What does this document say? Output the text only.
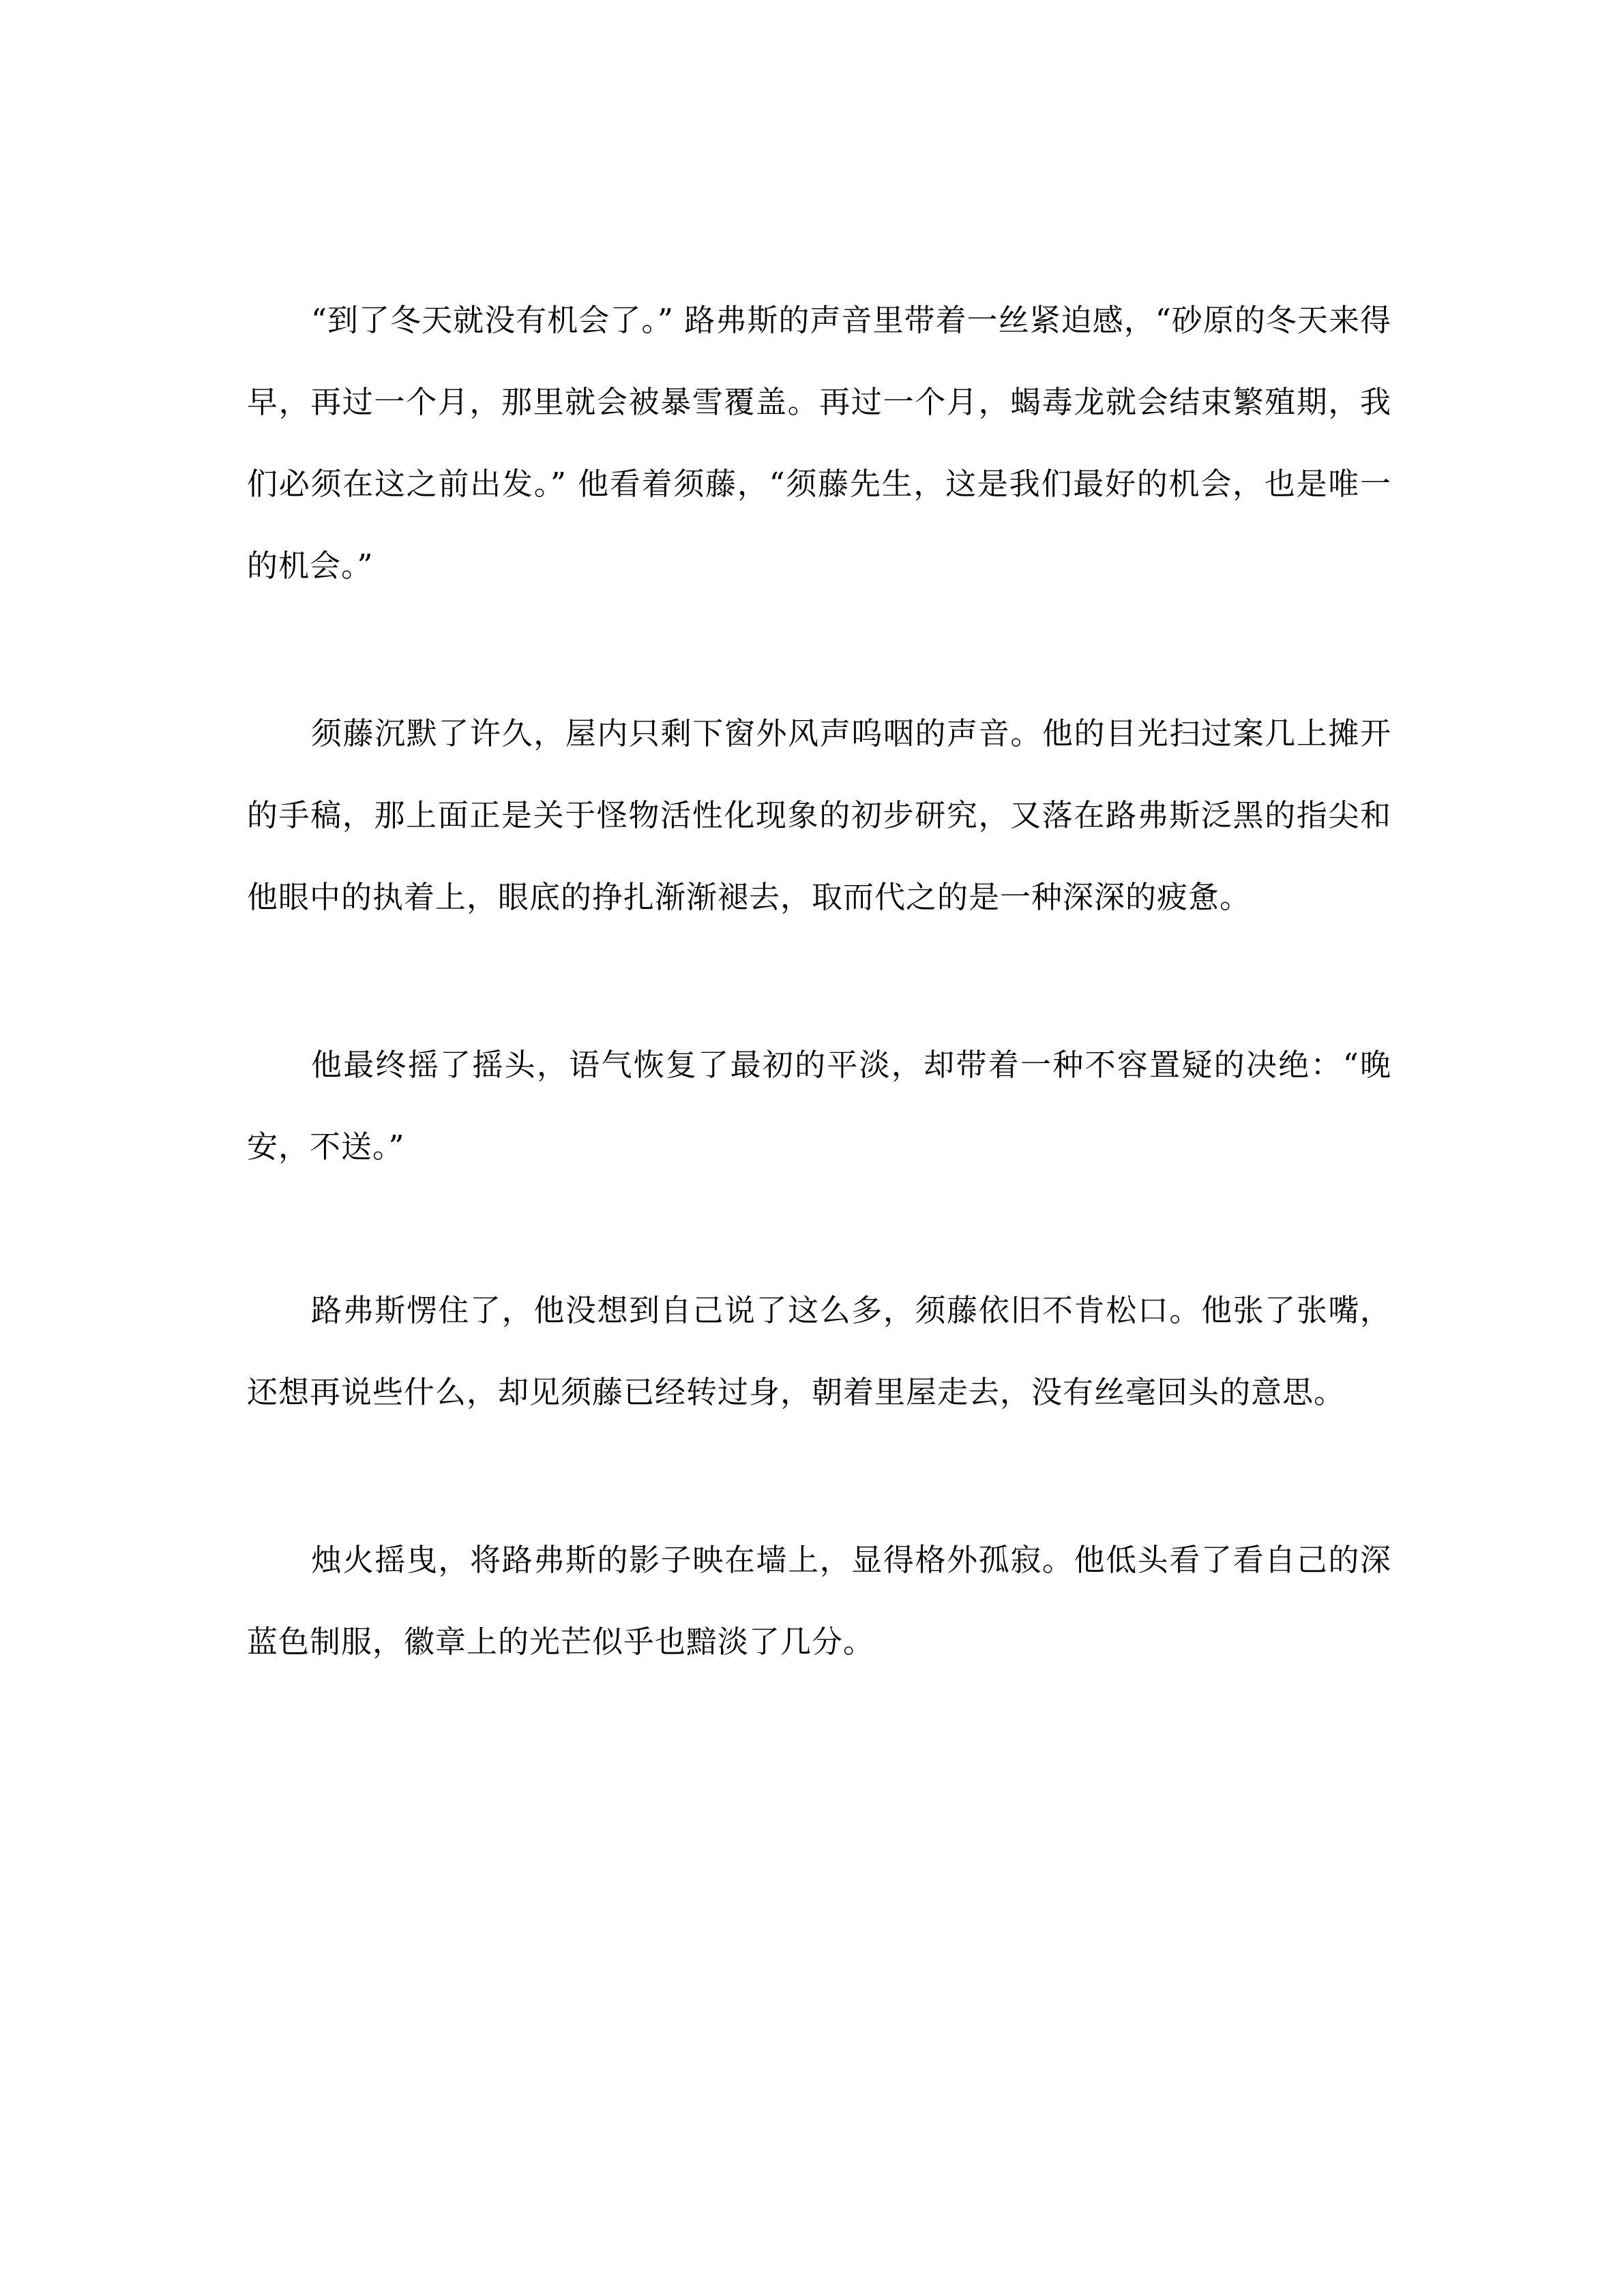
“到了冬天就没有机会了。” 路弗斯的声音里带着一丝紧迫感，“砂原的冬天来得早，再过一个月，那里就会被暴雪覆盖。再过一个月，蝎毒龙就会结束繁殖期，我们必须在这之前出发。” 他看着须藤，“须藤先生，这是我们最好的机会，也是唯一的机会。”

须藤沉默了许久，屋内只剩下窗外风声呜咽的声音。他的目光扫过案几上摊开的手稿，那上面正是关于怪物活性化现象的初步研究，又落在路弗斯泛黑的指尖和他眼中的执着上，眼底的挣扎渐渐褪去，取而代之的是一种深深的疲惫。

他最终摇了摇头，语气恢复了最初的平淡，却带着一种不容置疑的决绝：“晚安，不送。”

路弗斯愣住了，他没想到自己说了这么多，须藤依旧不肯松口。他张了张嘴，还想再说些什么，却见须藤已经转过身，朝着里屋走去，没有丝毫回头的意思。

烛火摇曳，将路弗斯的影子映在墙上，显得格外孤寂。他低头看了看自己的深蓝色制服，徽章上的光芒似乎也黯淡了几分。
